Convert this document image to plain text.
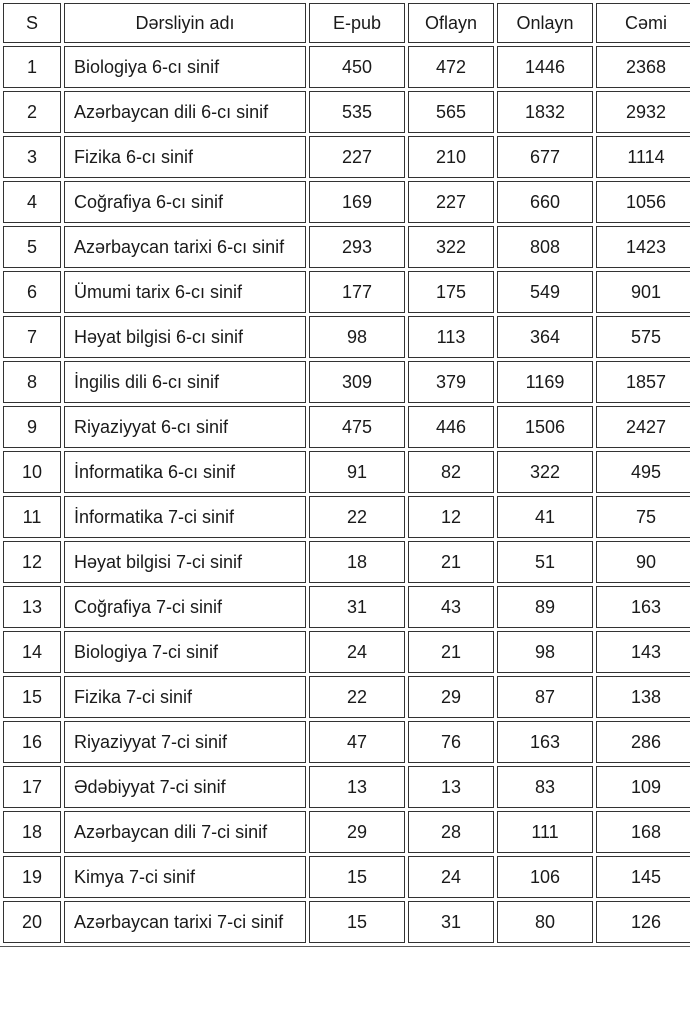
S	Dərsliyin adı	E-pub	Oflayn	Onlayn	Cəmi
1	Biologiya 6-cı sinif	450	472	1446	2368
2	Azərbaycan dili 6-cı sinif	535	565	1832	2932
3	Fizika 6-cı sinif	227	210	677	1114
4	Coğrafiya 6-cı sinif	169	227	660	1056
5	Azərbaycan tarixi 6-cı sinif	293	322	808	1423
6	Ümumi tarix 6-cı sinif	177	175	549	901
7	Həyat bilgisi 6-cı sinif	98	113	364	575
8	İngilis dili 6-cı sinif	309	379	1169	1857
9	Riyaziyyat 6-cı sinif	475	446	1506	2427
10	İnformatika 6-cı sinif	91	82	322	495
11	İnformatika 7-ci sinif	22	12	41	75
12	Həyat bilgisi 7-ci sinif	18	21	51	90
13	Coğrafiya 7-ci sinif	31	43	89	163
14	Biologiya 7-ci sinif	24	21	98	143
15	Fizika 7-ci sinif	22	29	87	138
16	Riyaziyyat 7-ci sinif	47	76	163	286
17	Ədəbiyyat 7-ci sinif	13	13	83	109
18	Azərbaycan dili 7-ci sinif	29	28	111	168
19	Kimya 7-ci sinif	15	24	106	145
20	Azərbaycan tarixi 7-ci sinif	15	31	80	126
